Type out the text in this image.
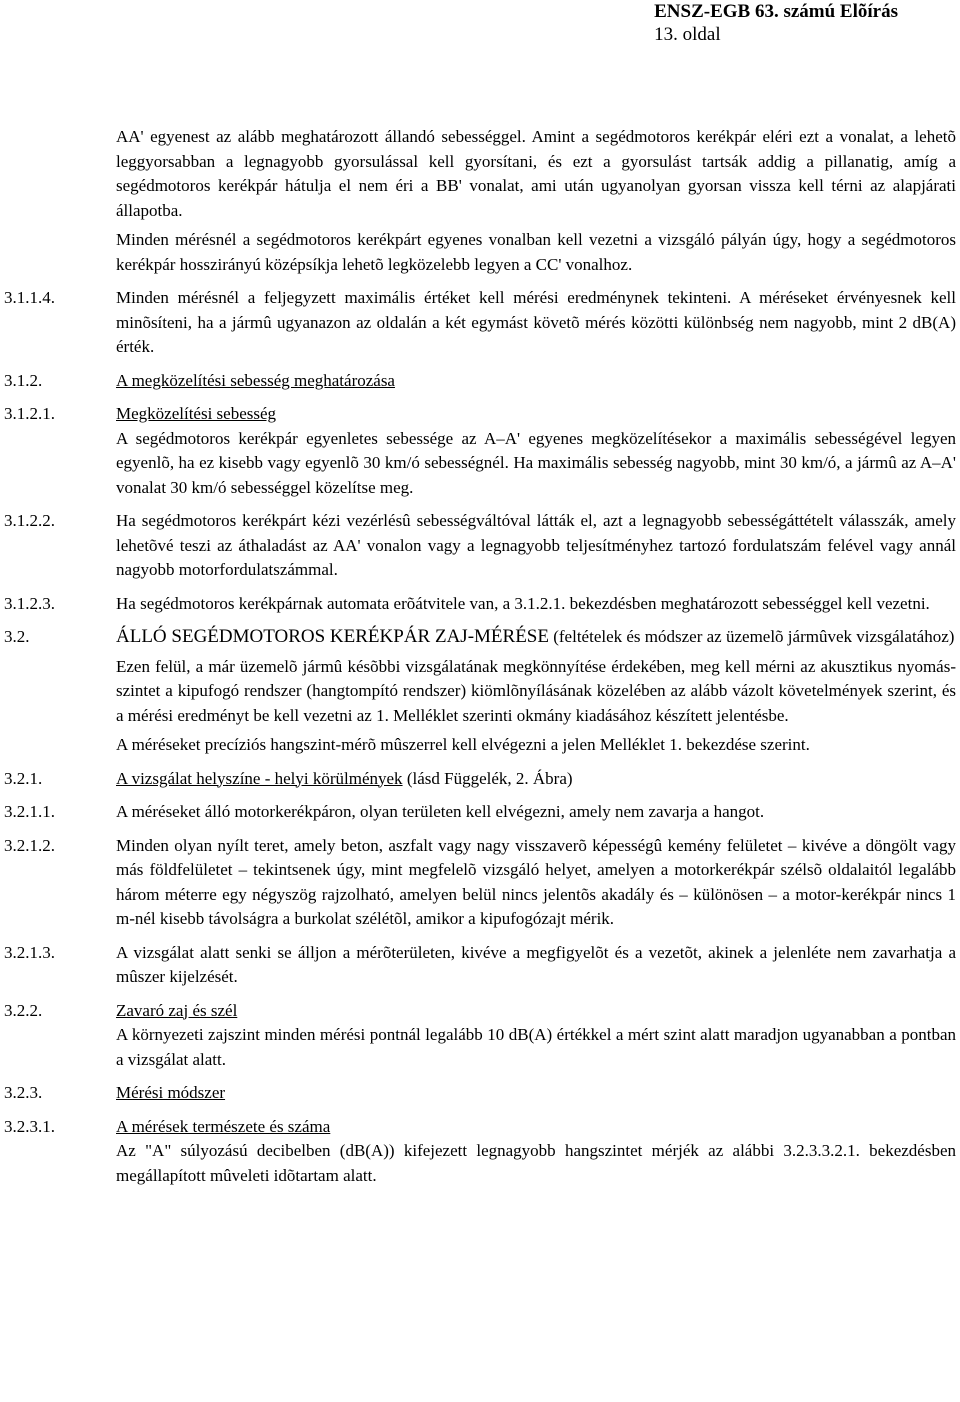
ENSZ-EGB 63. számú Elõírás
13. oldal

AA' egyenest az alább meghatározott állandó sebességgel. Amint a segédmotoros kerékpár eléri ezt a vonalat, a lehetõ leggyorsabban a legnagyobb gyorsulással kell gyorsítani, és ezt a gyorsulást tartsák addig a pillanatig, amíg a segédmotoros kerékpár hátulja el nem éri a BB' vonalat, ami után ugyanolyan gyorsan vissza kell térni az alapjárati állapotba.

Minden mérésnél a segédmotoros kerékpárt egyenes vonalban kell vezetni a vizsgáló pályán úgy, hogy a segédmotoros kerékpár hosszirányú középsíkja lehetõ legközelebb legyen a CC' vonalhoz.

3.1.1.4.	Minden mérésnél a feljegyzett maximális értéket kell mérési eredménynek tekinteni. A méréseket érvényesnek kell minõsíteni, ha a jármû ugyanazon az oldalán a két egymást követõ mérés közötti különbség nem nagyobb, mint 2 dB(A) érték.
3.1.2.	A megközelítési sebesség meghatározása
3.1.2.1.	Megközelítési sebesség
A segédmotoros kerékpár egyenletes sebessége az A–A' egyenes megközelítésekor a maximális sebességével legyen egyenlõ, ha ez kisebb vagy egyenlõ 30 km/ó sebességnél. Ha maximális sebesség nagyobb, mint 30 km/ó, a jármû az A–A' vonalat 30 km/ó sebességgel közelítse meg.
3.1.2.2.	Ha segédmotoros kerékpárt kézi vezérlésû sebességváltóval látták el, azt a legnagyobb sebességáttételt válasszák, amely lehetõvé teszi az áthaladást az AA' vonalon vagy a legnagyobb teljesítményhez tartozó fordulatszám felével vagy annál nagyobb motorfordulatszámmal.
3.1.2.3.	Ha segédmotoros kerékpárnak automata erõátvitele van, a 3.1.2.1. bekezdésben meghatározott sebességgel kell vezetni.
3.2.	ÁLLÓ SEGÉDMOTOROS KERÉKPÁR ZAJ-MÉRÉSE (feltételek és módszer az üzemelõ jármûvek vizsgálatához)

Ezen felül, a már üzemelõ jármû késõbbi vizsgálatának megkönnyítése érdekében, meg kell mérni az akusztikus nyomás-szintet a kipufogó rendszer (hangtompító rendszer) kiömlõnyílásának közelében az alább vázolt követelmények szerint, és a mérési eredményt be kell vezetni az 1. Melléklet szerinti okmány kiadásához készített jelentésbe.

A méréseket precíziós hangszint-mérõ mûszerrel kell elvégezni a jelen Melléklet 1. bekezdése szerint.

3.2.1.	A vizsgálat helyszíne - helyi körülmények (lásd Függelék, 2. Ábra)
3.2.1.1.	A méréseket álló motorkerékpáron, olyan területen kell elvégezni, amely nem zavarja a hangot.
3.2.1.2.	Minden olyan nyílt teret, amely beton, aszfalt vagy nagy visszaverõ képességû kemény felületet – kivéve a döngölt vagy más földfelületet – tekintsenek úgy, mint megfelelõ vizsgáló helyet, amelyen a motorkerékpár szélsõ oldalaitól legalább három méterre egy négyszög rajzolható, amelyen belül nincs jelentõs akadály és – különösen – a motor-kerékpár nincs 1 m-nél kisebb távolságra a burkolat szélétõl, amikor a kipufogózajt mérik.
3.2.1.3.	A vizsgálat alatt senki se álljon a mérõterületen, kivéve a megfigyelõt és a vezetõt, akinek a jelenléte nem zavarhatja a mûszer kijelzését.
3.2.2.	Zavaró zaj és szél
A környezeti zajszint minden mérési pontnál legalább 10 dB(A) értékkel a mért szint alatt maradjon ugyanabban a pontban a vizsgálat alatt.
3.2.3.	Mérési módszer
3.2.3.1.	A mérések természete és száma
Az "A" súlyozású decibelben (dB(A)) kifejezett legnagyobb hangszintet mérjék az alábbi 3.2.3.3.2.1. bekezdésben megállapított mûveleti idõtartam alatt.
